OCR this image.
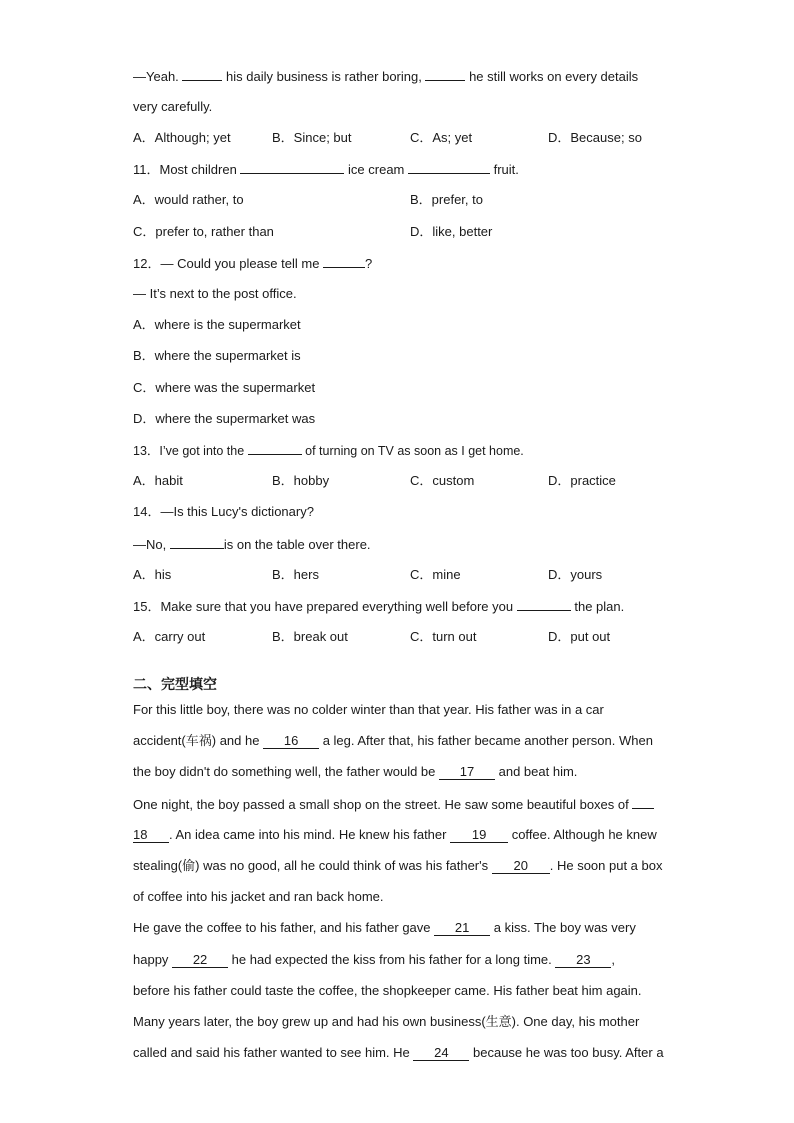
—Yeah.	his daily business is rather boring,	he still works on every details
very carefully.
A．Although; yet	B．Since; but	C．As; yet	D．Because; so
11．Most children	ice cream	fruit.
A．would rather, to	B．prefer, to
C．prefer to, rather than	D．like, better
12．— Could you please tell me	?
— It’s next to the post office.
A．where is the supermarket
B．where the supermarket is
C．where was the supermarket
D．where the supermarket was
13．I’ve got into the	of turning on TV as soon as I get home.
A．habit	B．hobby	C．custom	D．practice
14．—Is this Lucy's dictionary?
—No,	is on the table over there.
A．his	B．hers	C．mine	D．yours
15．Make sure that you have prepared everything well before you	the plan.
A．carry out	B．break out	C．turn out	D．put out
二、完型填空
For this little boy, there was no colder winter than that year. His father was in a car
accident(车祸) and he 16 a leg. After that, his father became another person. When
the boy didn't do something well, the father would be 17 and beat him.
One night, the boy passed a small shop on the street. He saw some beautiful boxes of
18 . An idea came into his mind. He knew his father 19 coffee. Although he knew
stealing(偷) was no good, all he could think of was his father's 20 . He soon put a box
of coffee into his jacket and ran back home.
He gave the coffee to his father, and his father gave 21 a kiss. The boy was very
happy 22 he had expected the kiss from his father for a long time. 23 ,
before his father could taste the coffee, the shopkeeper came. His father beat him again.
Many years later, the boy grew up and had his own business(生意). One day, his mother
called and said his father wanted to see him. He 24 because he was too busy. After a
